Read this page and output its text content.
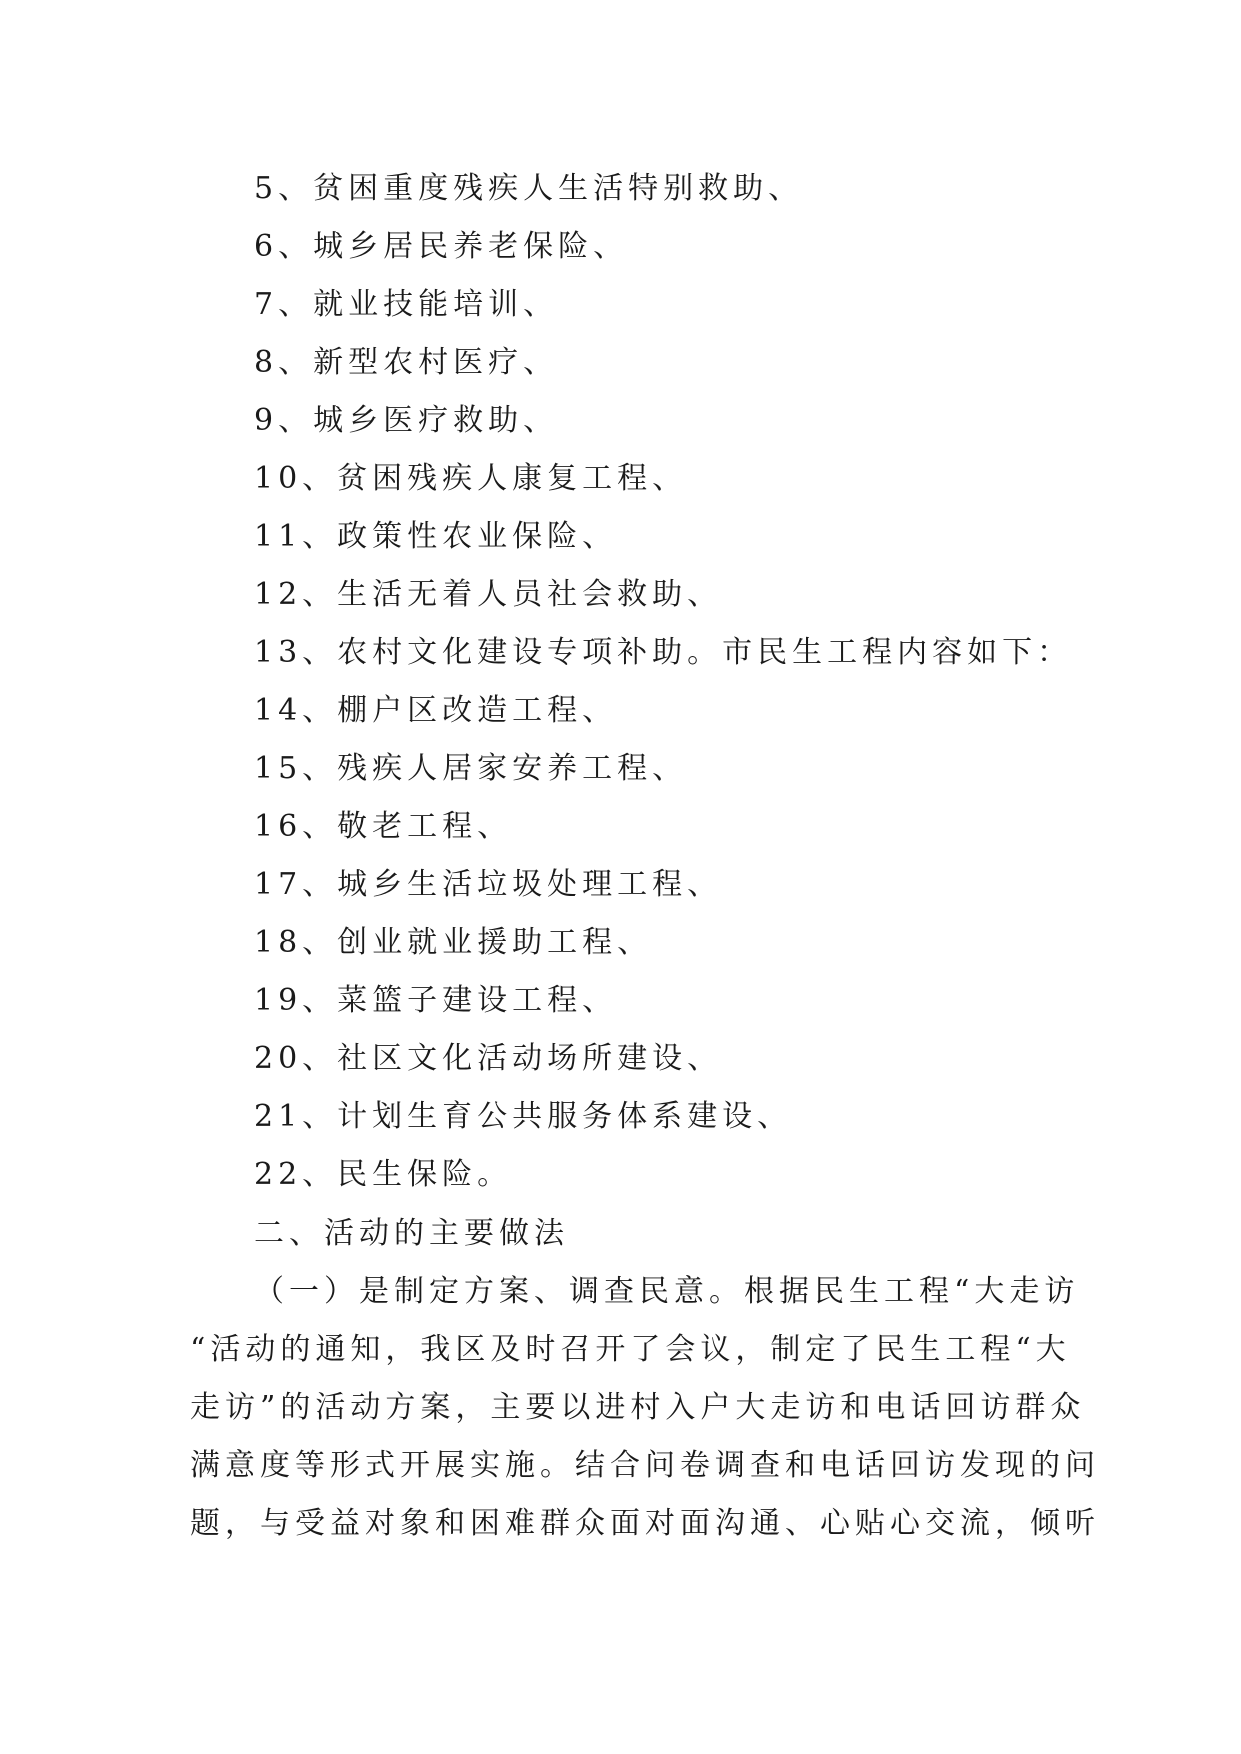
5、贫困重度残疾人生活特别救助、
6、城乡居民养老保险、
7、就业技能培训、
8、新型农村医疗、
9、城乡医疗救助、
10、贫困残疾人康复工程、
11、政策性农业保险、
12、生活无着人员社会救助、
13、农村文化建设专项补助。市民生工程内容如下：
14、棚户区改造工程、
15、残疾人居家安养工程、
16、敬老工程、
17、城乡生活垃圾处理工程、
18、创业就业援助工程、
19、菜篮子建设工程、
20、社区文化活动场所建设、
21、计划生育公共服务体系建设、
22、民生保险。
二、活动的主要做法

（一）是制定方案、调查民意。根据民生工程“大走访
“活动的通知，我区及时召开了会议，制定了民生工程“大
走访”的活动方案，主要以进村入户大走访和电话回访群众
满意度等形式开展实施。结合问卷调查和电话回访发现的问
题，与受益对象和困难群众面对面沟通、心贴心交流，倾听
